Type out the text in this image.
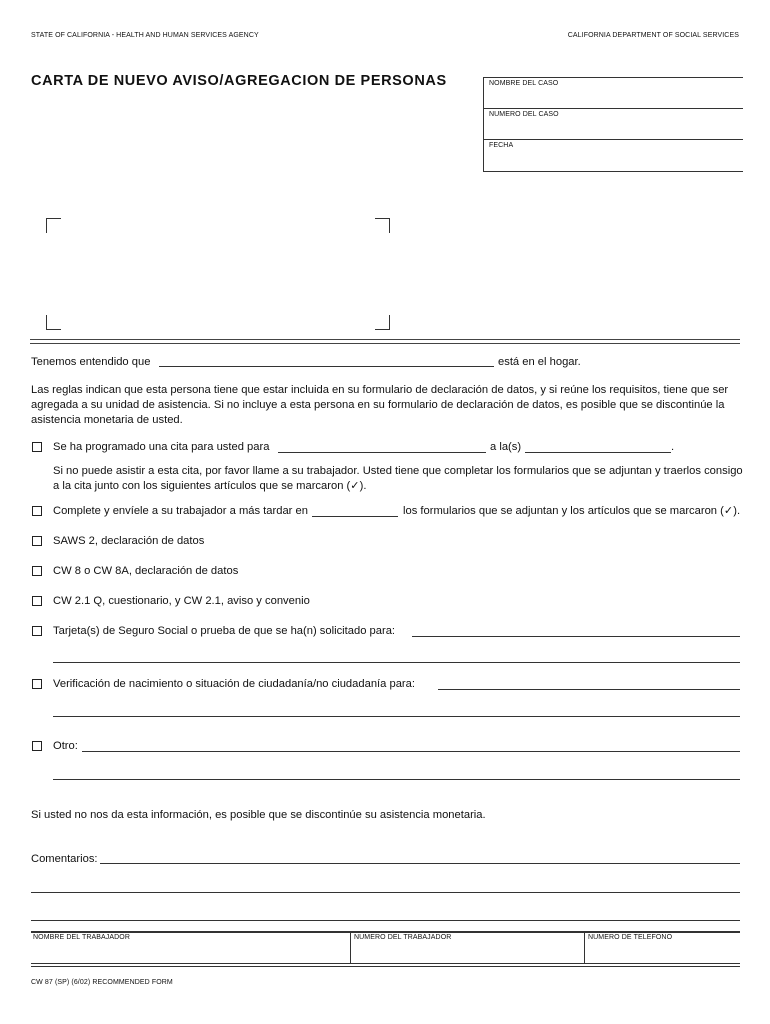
STATE OF CALIFORNIA - HEALTH AND HUMAN SERVICES AGENCY	CALIFORNIA DEPARTMENT OF SOCIAL SERVICES
CARTA DE NUEVO AVISO/AGREGACION DE PERSONAS	NOMBRE DEL CASO
NUMERO DEL CASO
FECHA
Tenemos entendido que	está en el hogar.
Las reglas indican que esta persona tiene que estar incluida en su formulario de declaración de datos, y si reúne los requisitos, tiene que ser agregada a su unidad de asistencia. Si no incluye a esta persona en su formulario de declaración de datos, es posible que se discontinúe la asistencia monetaria de usted.
Se ha programado una cita para usted para	a la(s)	.
Si no puede asistir a esta cita, por favor llame a su trabajador. Usted tiene que completar los formularios que se adjuntan y traerlos consigo a la cita junto con los siguientes artículos que se marcaron (✓).
Complete y envíele a su trabajador a más tardar en	los formularios que se adjuntan y los artículos que se marcaron (✓).
SAWS 2, declaración de datos
CW 8 o CW 8A, declaración de datos
CW 2.1 Q, cuestionario, y CW 2.1, aviso y convenio
Tarjeta(s) de Seguro Social o prueba de que se ha(n) solicitado para:
Verificación de nacimiento o situación de ciudadanía/no ciudadanía para:
Otro:
Si usted no nos da esta información, es posible que se discontinúe su asistencia monetaria.
Comentarios:
NOMBRE DEL TRABAJADOR	NUMERO DEL TRABAJADOR	NUMERO DE TELEFONO
CW 87 (SP) (6/02) RECOMMENDED FORM
